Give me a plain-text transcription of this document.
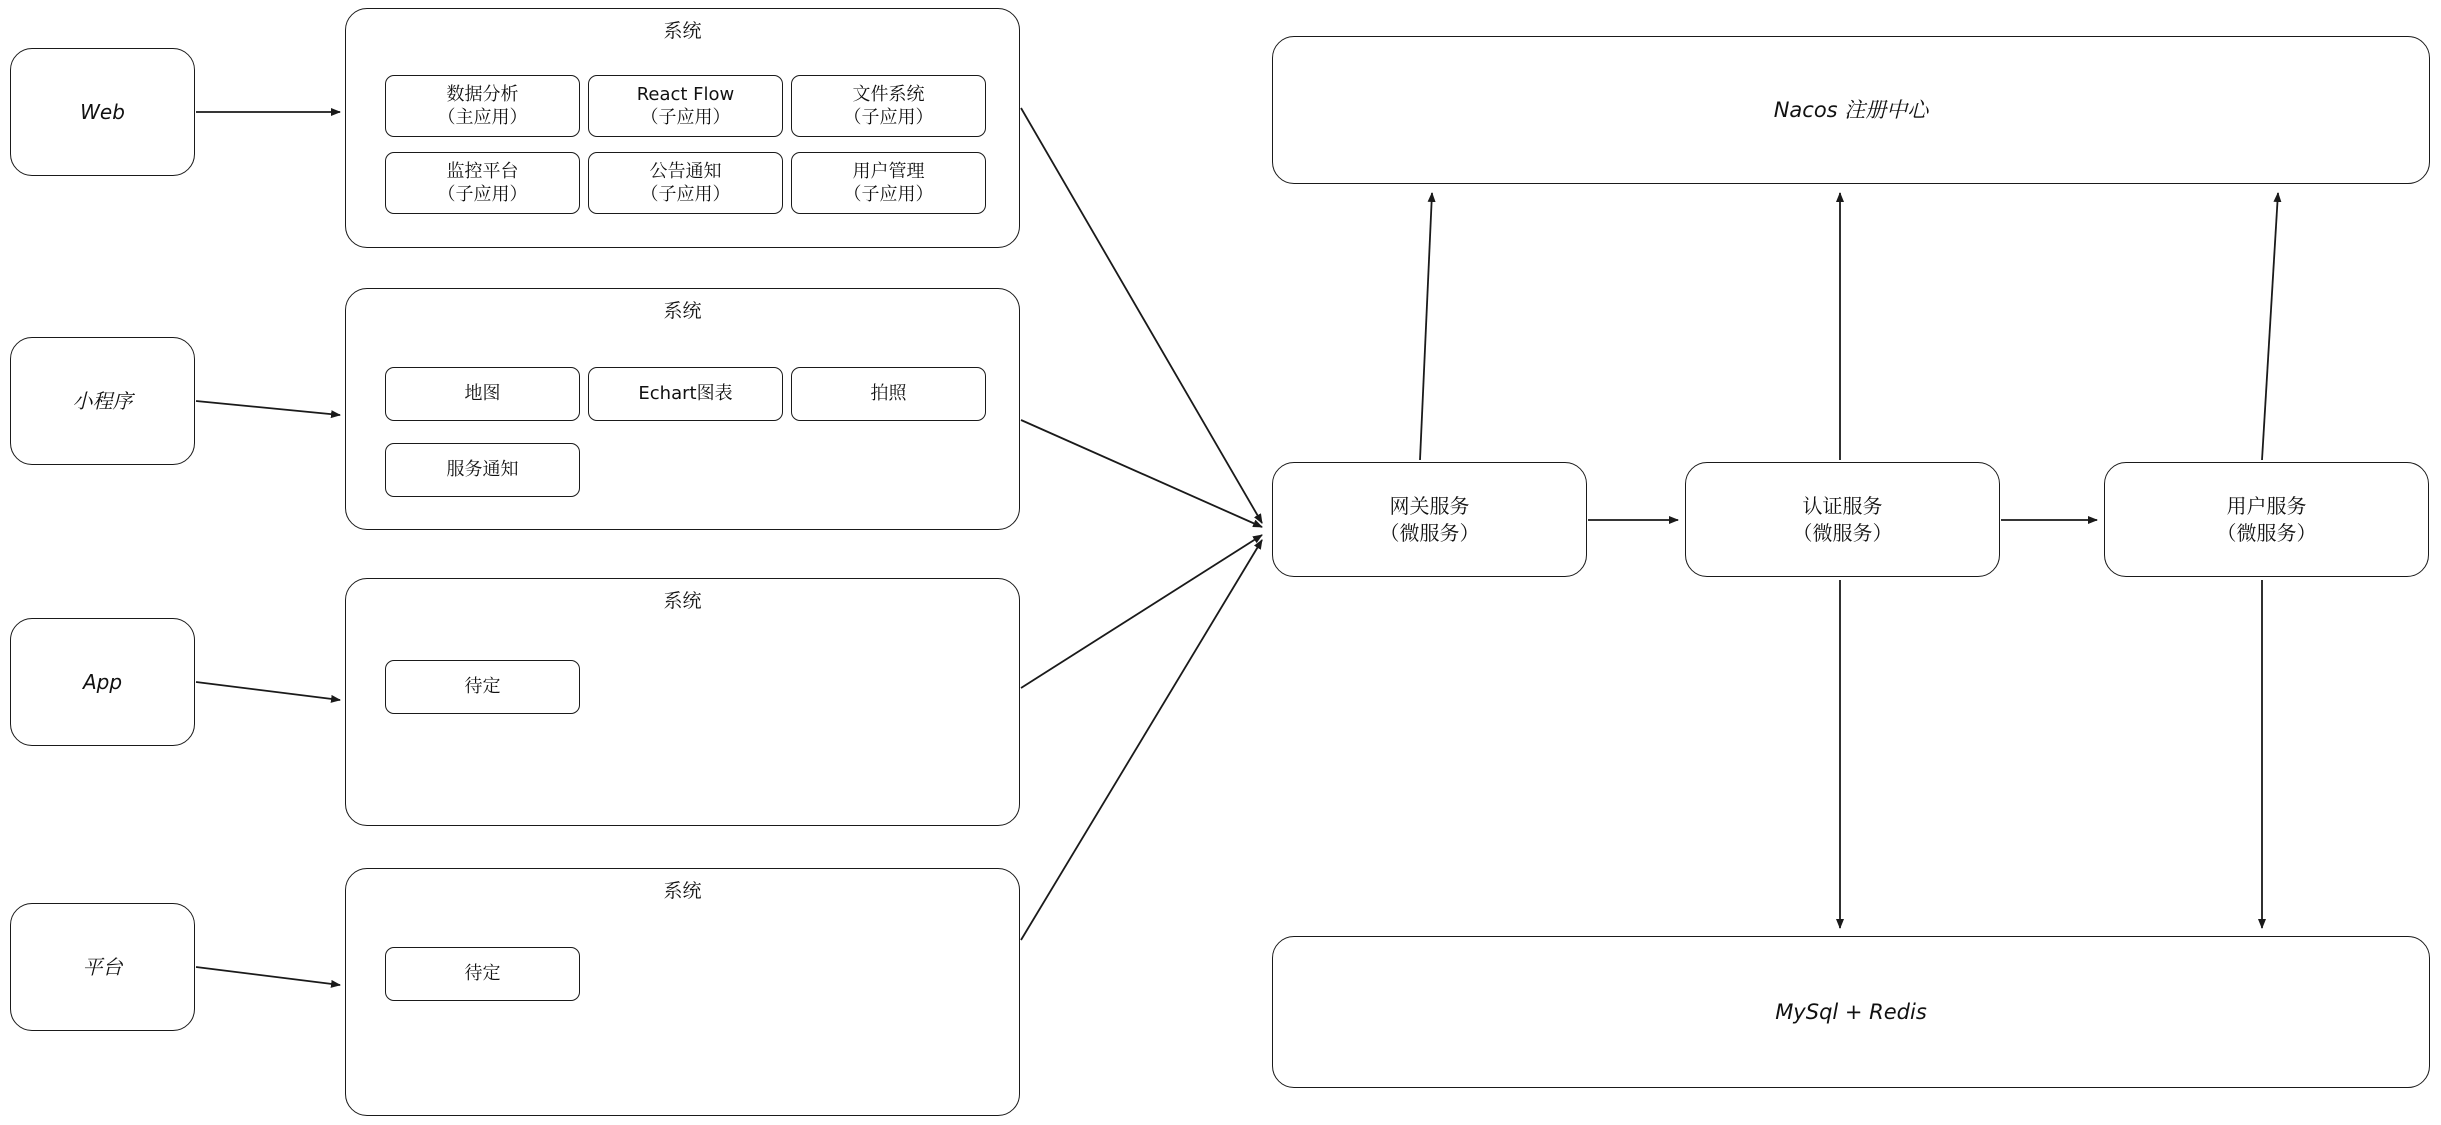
Web
小程序
App
平台
系统
数据分析
（主应用）
React Flow
（子应用）
文件系统
（子应用）
监控平台
（子应用）
公告通知
（子应用）
用户管理
（子应用）
系统
地图	Echart图表	拍照
服务通知
系统
待定
系统
待定
Nacos 注册中心
网关服务
（微服务）
认证服务
（微服务）
用户服务
（微服务）
MySql + Redis
